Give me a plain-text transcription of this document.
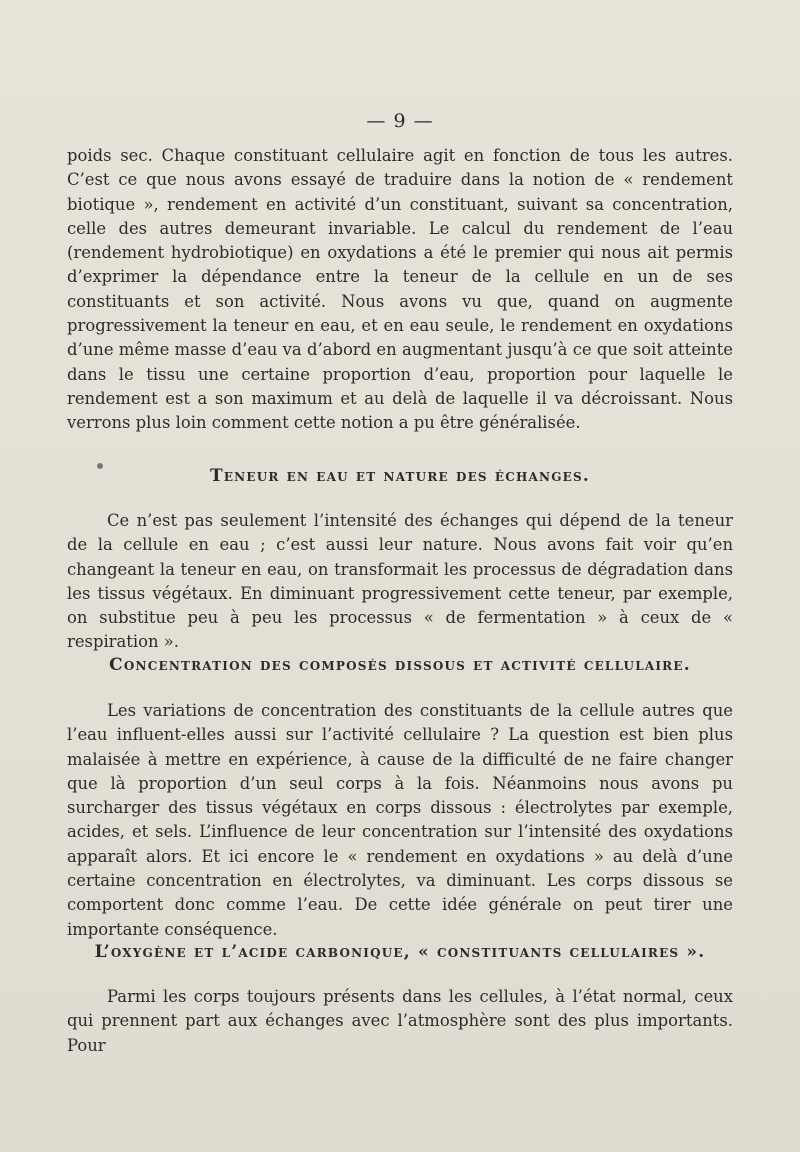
— 9 —

poids sec. Chaque constituant cellulaire agit en fonction de tous les autres. C’est ce que nous avons essayé de traduire dans la notion de « rendement biotique », rendement en activité d’un constituant, suivant sa concentration, celle des autres demeurant invariable. Le calcul du rendement de l’eau (rendement hydrobiotique) en oxydations a été le premier qui nous ait permis d’exprimer la dépendance entre la teneur de la cellule en un de ses constituants et son activité. Nous avons vu que, quand on augmente progressivement la teneur en eau, et en eau seule, le rendement en oxydations d’une même masse d’eau va d’abord en augmentant jusqu’à ce que soit atteinte dans le tissu une certaine proportion d’eau, proportion pour laquelle le rendement est a son maximum et au delà de laquelle il va décroissant. Nous verrons plus loin comment cette notion a pu être généralisée.

Teneur en eau et nature des échanges.

Ce n’est pas seulement l’intensité des échanges qui dépend de la teneur de la cellule en eau ; c’est aussi leur nature. Nous avons fait voir qu’en changeant la teneur en eau, on transformait les processus de dégradation dans les tissus végétaux. En diminuant progressivement cette teneur, par exemple, on substitue peu à peu les processus « de fermentation » à ceux de « respiration ».

Concentration des composés dissous et activité cellulaire.

Les variations de concentration des constituants de la cellule autres que l’eau influent-elles aussi sur l’activité cellulaire ? La question est bien plus malaisée à mettre en expérience, à cause de la difficulté de ne faire changer que là proportion d’un seul corps à la fois. Néanmoins nous avons pu surcharger des tissus végétaux en corps dissous : électrolytes par exemple, acides, et sels. L’influence de leur concentration sur l’intensité des oxydations apparaît alors. Et ici encore le « rendement en oxydations » au delà d’une certaine concentration en électrolytes, va diminuant. Les corps dissous se comportent donc comme l’eau. De cette idée générale on peut tirer une importante conséquence.

L’oxygène et l’acide carbonique, « constituants cellulaires ».

Parmi les corps toujours présents dans les cellules, à l’état normal, ceux qui prennent part aux échanges avec l’atmosphère sont des plus importants. Pour
